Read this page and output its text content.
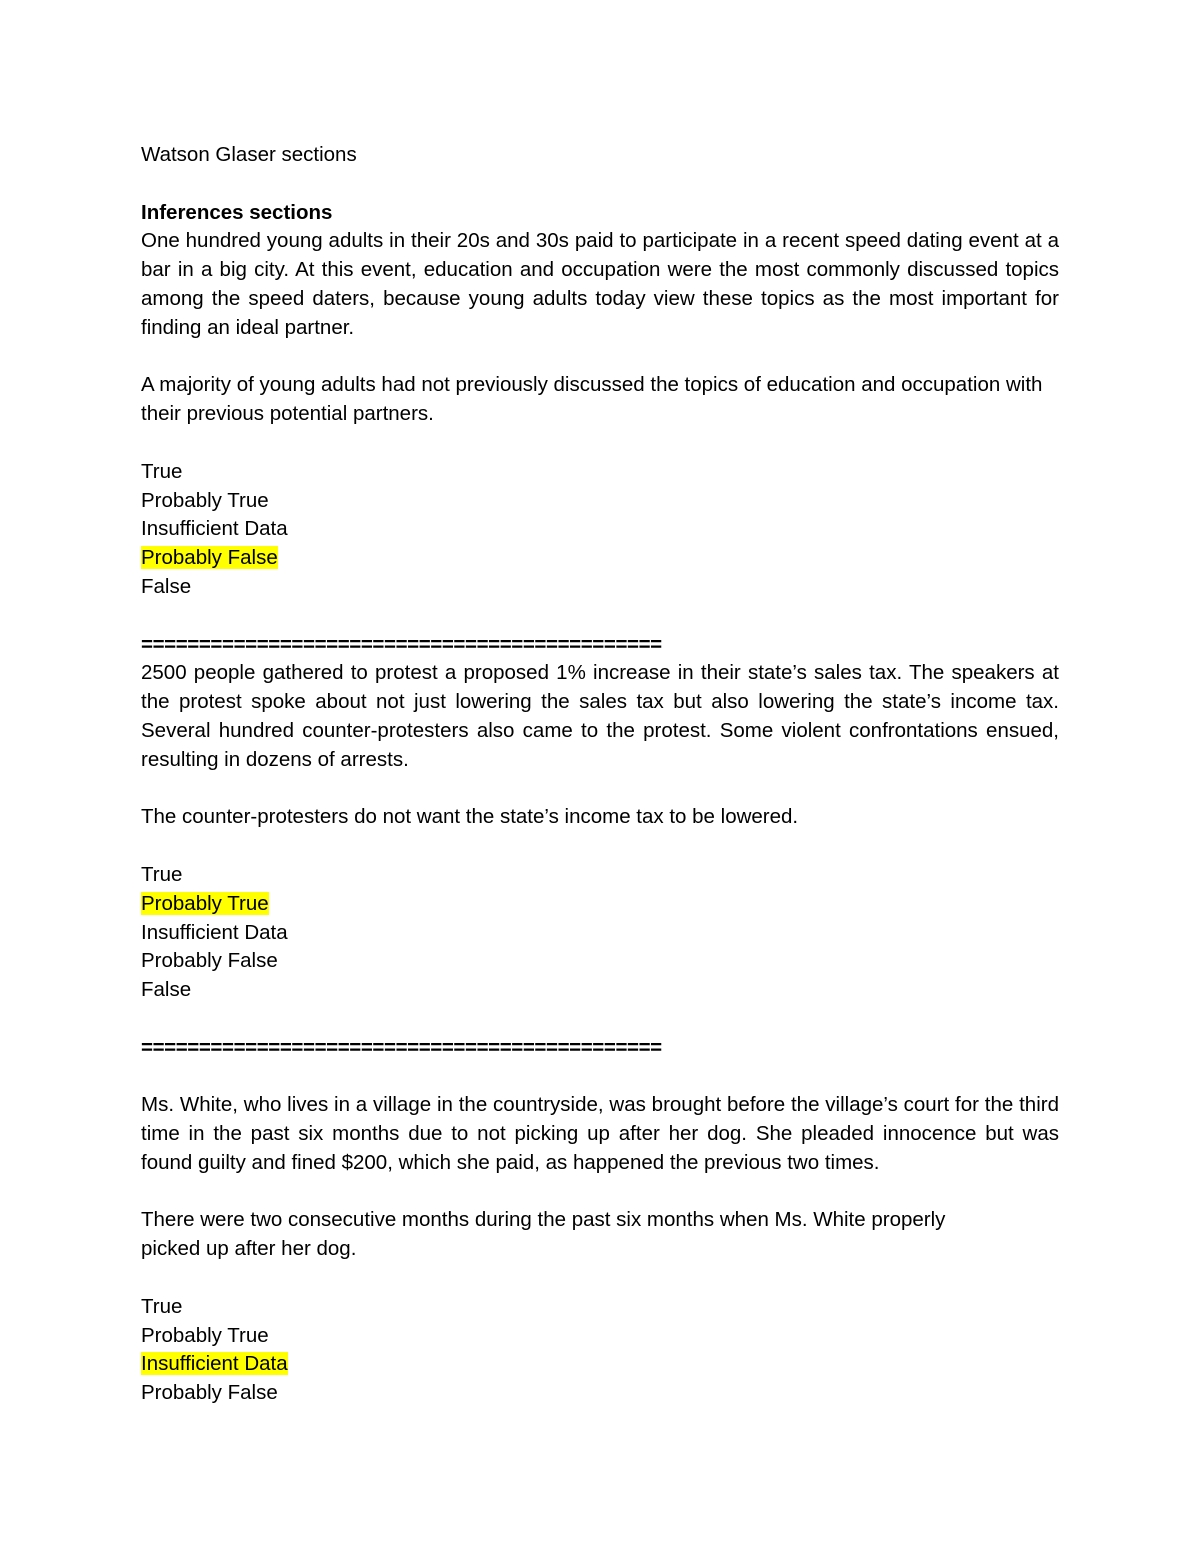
Watson Glaser sections
Inferences sections
One hundred young adults in their 20s and 30s paid to participate in a recent speed dating event at a bar in a big city. At this event, education and occupation were the most commonly discussed topics among the speed daters, because young adults today view these topics as the most important for finding an ideal partner.
A majority of young adults had not previously discussed the topics of education and occupation with their previous potential partners.
True
Probably True
Insufficient Data
Probably False
False
=============================================
2500 people gathered to protest a proposed 1% increase in their state’s sales tax. The speakers at the protest spoke about not just lowering the sales tax but also lowering the state’s income tax. Several hundred counter-protesters also came to the protest. Some violent confrontations ensued, resulting in dozens of arrests.
The counter-protesters do not want the state’s income tax to be lowered.
True
Probably True
Insufficient Data
Probably False
False
=============================================
Ms. White, who lives in a village in the countryside, was brought before the village’s court for the third time in the past six months due to not picking up after her dog. She pleaded innocence but was found guilty and fined $200, which she paid, as happened the previous two times.
There were two consecutive months during the past six months when Ms. White properly picked up after her dog.
True
Probably True
Insufficient Data
Probably False
